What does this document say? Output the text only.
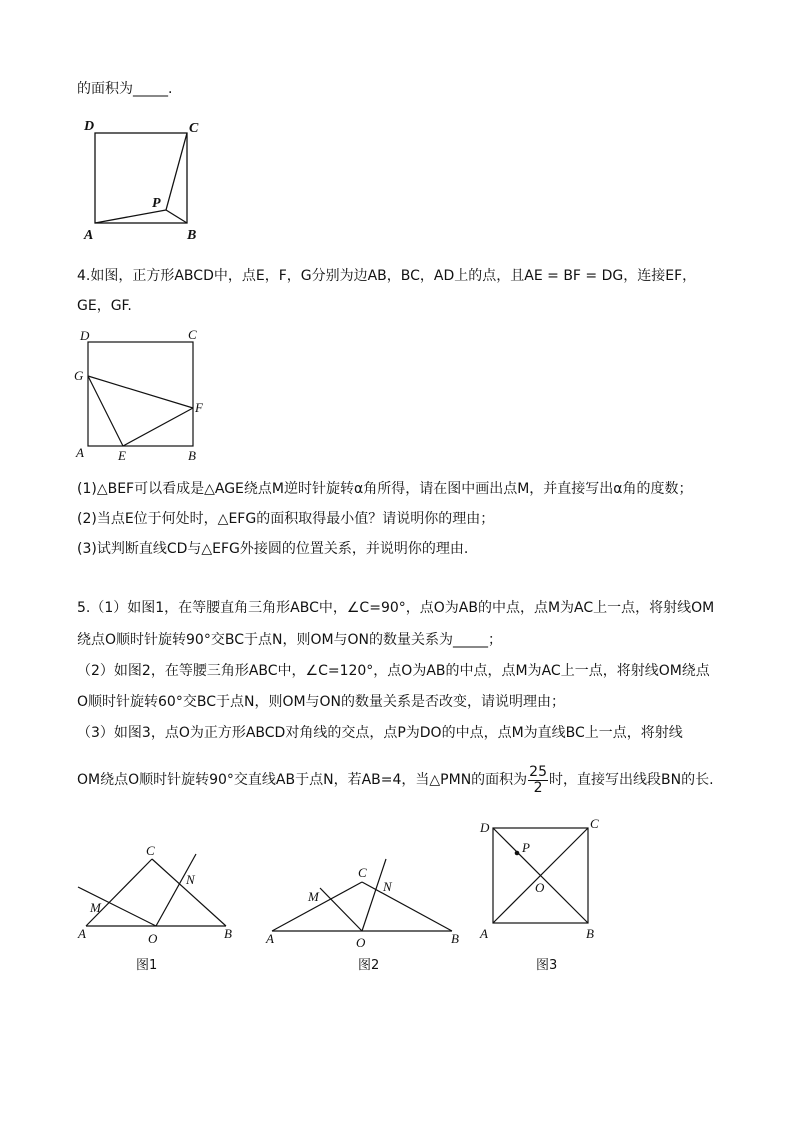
的面积为_____.
D	C
P
A	B
4.如图，正方形ABCD中，点E，F，G分别为边AB，BC，AD上的点，且AE = BF = DG，连接EF，
GE，GF.
D	C
G
F
A	E	B
(1)△BEF可以看成是△AGE绕点M逆时针旋转α角所得，请在图中画出点M，并直接写出α角的度数；
(2)当点E位于何处时，△EFG的面积取得最小值？请说明你的理由；
(3)试判断直线CD与△EFG外接圆的位置关系，并说明你的理由.
5.（1）如图1，在等腰直角三角形ABC中，∠C=90°，点O为AB的中点，点M为AC上一点，将射线OM
绕点O顺时针旋转90°交BC于点N，则OM与ON的数量关系为_____；
（2）如图2，在等腰三角形ABC中，∠C=120°，点O为AB的中点，点M为AC上一点，将射线OM绕点
O顺时针旋转60°交BC于点N，则OM与ON的数量关系是否改变，请说明理由；
（3）如图3，点O为正方形ABCD对角线的交点，点P为DO的中点，点M为直线BC上一点，将射线
OM绕点O顺时针旋转90°交直线AB于点N，若AB=4，当△PMN的面积为 $\frac{25}{2}$ 时，直接写出线段BN的长.
C
N
M
A	O	B
图1
C
N
M
A	O	B
图2
D	C
P
O
A	B
图3
